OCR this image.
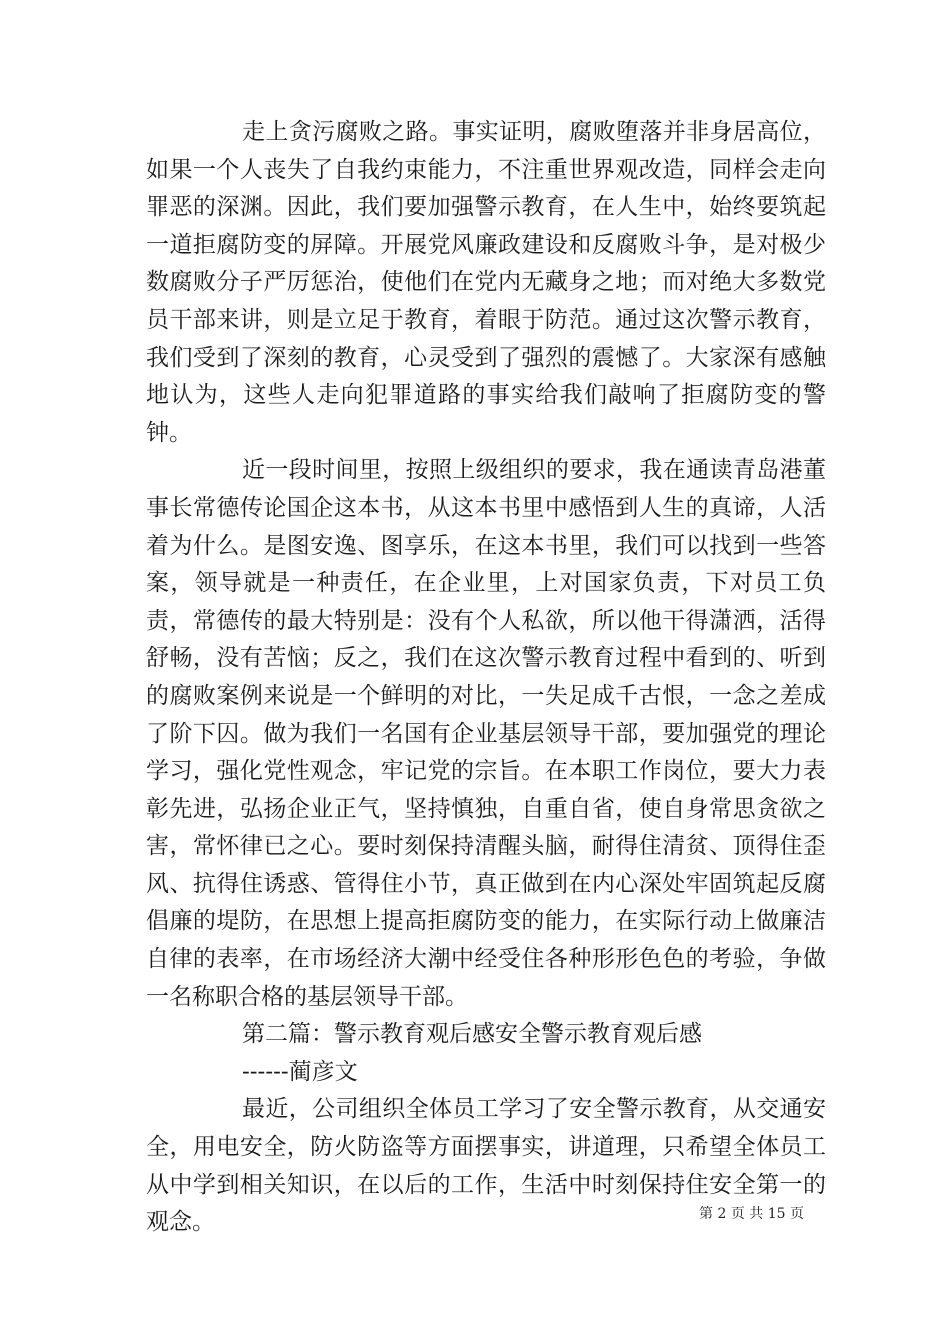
走上贪污腐败之路。事实证明，腐败堕落并非身居高位，如果一个人丧失了自我约束能力，不注重世界观改造，同样会走向罪恶的深渊。因此，我们要加强警示教育，在人生中，始终要筑起一道拒腐防变的屏障。开展党风廉政建设和反腐败斗争，是对极少数腐败分子严厉惩治，使他们在党内无藏身之地；而对绝大多数党员干部来讲，则是立足于教育，着眼于防范。通过这次警示教育，我们受到了深刻的教育，心灵受到了强烈的震憾了。大家深有感触地认为，这些人走向犯罪道路的事实给我们敲响了拒腐防变的警钟。

近一段时间里，按照上级组织的要求，我在通读青岛港董事长常德传论国企这本书，从这本书里中感悟到人生的真谛，人活着为什么。是图安逸、图享乐，在这本书里，我们可以找到一些答案，领导就是一种责任，在企业里，上对国家负责，下对员工负责，常德传的最大特别是：没有个人私欲，所以他干得潇洒，活得舒畅，没有苦恼；反之，我们在这次警示教育过程中看到的、听到的腐败案例来说是一个鲜明的对比，一失足成千古恨，一念之差成了阶下囚。做为我们一名国有企业基层领导干部，要加强党的理论学习，强化党性观念，牢记党的宗旨。在本职工作岗位，要大力表彰先进，弘扬企业正气，坚持慎独，自重自省，使自身常思贪欲之害，常怀律已之心。要时刻保持清醒头脑，耐得住清贫、顶得住歪风、抗得住诱惑、管得住小节，真正做到在内心深处牢固筑起反腐倡廉的堤防，在思想上提高拒腐防变的能力，在实际行动上做廉洁自律的表率，在市场经济大潮中经受住各种形形色色的考验，争做一名称职合格的基层领导干部。

第二篇：警示教育观后感安全警示教育观后感

------蔺彦文

最近，公司组织全体员工学习了安全警示教育，从交通安全，用电安全，防火防盗等方面摆事实，讲道理，只希望全体员工从中学到相关知识，在以后的工作，生活中时刻保持住安全第一的观念。	第 2 页 共 15 页
